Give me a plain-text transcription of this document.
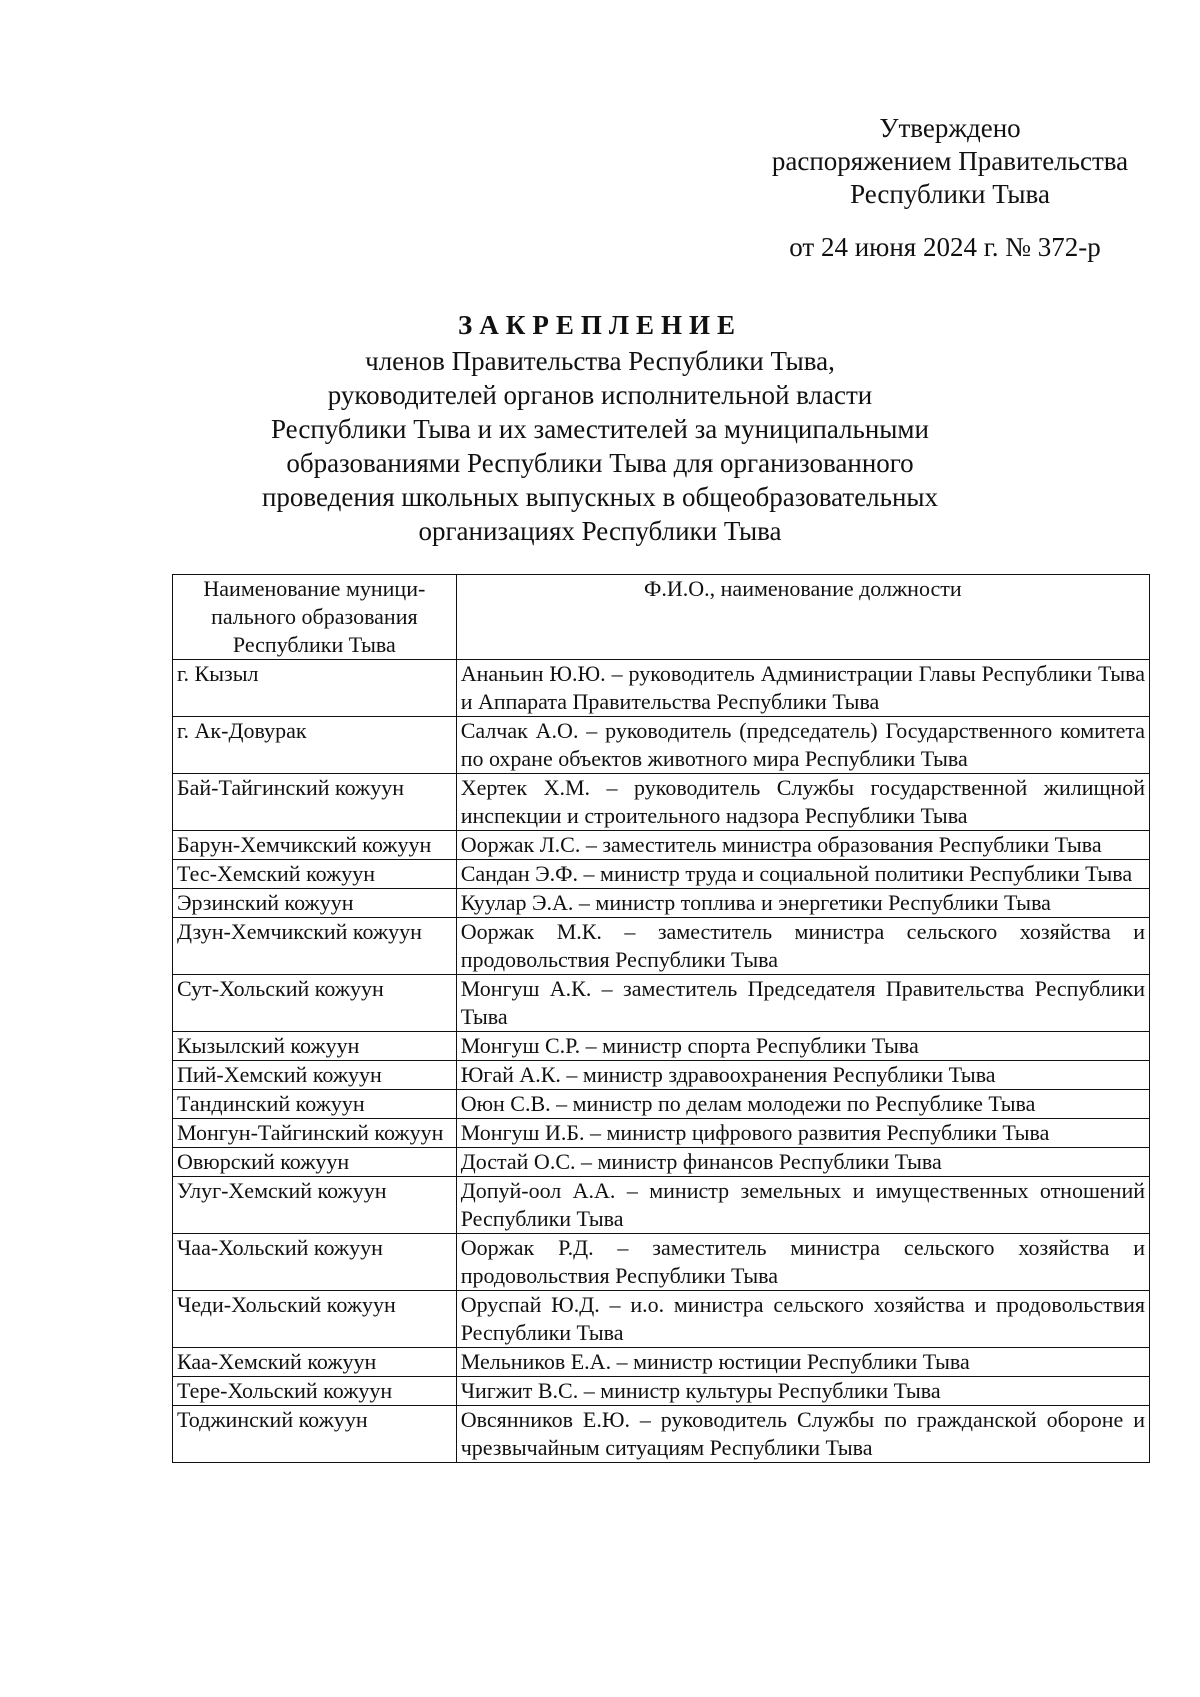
Утверждено
распоряжением Правительства
Республики Тыва
от 24 июня 2024 г. № 372-р
ЗАКРЕПЛЕНИЕ
членов Правительства Республики Тыва,
руководителей органов исполнительной власти
Республики Тыва и их заместителей за муниципальными
образованиями Республики Тыва для организованного
проведения школьных выпускных в общеобразовательных
организациях Республики Тыва
Наименование муници-
пального образования
Республики Тыва	Ф.И.О., наименование должности
г. Кызыл	Ананьин Ю.Ю. – руководитель Администрации Главы Республики Тыва и Аппарата Правительства Республики Тыва
г. Ак-Довурак	Салчак А.О. – руководитель (председатель) Государственного комитета по охране объектов животного мира Республики Тыва
Бай-Тайгинский кожуун	Хертек Х.М. – руководитель Службы государственной жилищной инспекции и строительного надзора Республики Тыва
Барун-Хемчикский кожуун	Ооржак Л.С. – заместитель министра образования Республики Тыва
Тес-Хемский кожуун	Сандан Э.Ф. – министр труда и социальной политики Республики Тыва
Эрзинский кожуун	Куулар Э.А. – министр топлива и энергетики Республики Тыва
Дзун-Хемчикский кожуун	Ооржак М.К. – заместитель министра сельского хозяйства и продовольствия Республики Тыва
Сут-Хольский кожуун	Монгуш А.К. – заместитель Председателя Правительства Республики Тыва
Кызылский кожуун	Монгуш С.Р. – министр спорта Республики Тыва
Пий-Хемский кожуун	Югай А.К. – министр здравоохранения Республики Тыва
Тандинский кожуун	Оюн С.В. – министр по делам молодежи по Республике Тыва
Монгун-Тайгинский кожуун	Монгуш И.Б. – министр цифрового развития Республики Тыва
Овюрский кожуун	Достай О.С. – министр финансов Республики Тыва
Улуг-Хемский кожуун	Допуй-оол А.А. – министр земельных и имущественных отношений Республики Тыва
Чаа-Хольский кожуун	Ооржак Р.Д. – заместитель министра сельского хозяйства и продовольствия Республики Тыва
Чеди-Хольский кожуун	Оруспай Ю.Д. – и.о. министра сельского хозяйства и продовольствия Республики Тыва
Каа-Хемский кожуун	Мельников Е.А. – министр юстиции Республики Тыва
Тере-Хольский кожуун	Чигжит В.С. – министр культуры Республики Тыва
Тоджинский кожуун	Овсянников Е.Ю. – руководитель Службы по гражданской обороне и чрезвычайным ситуациям Республики Тыва
